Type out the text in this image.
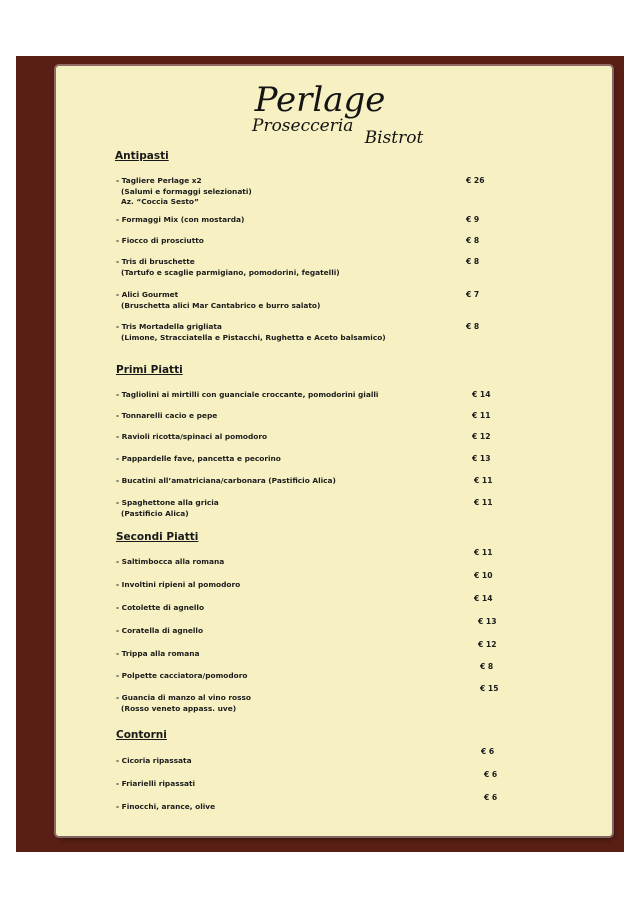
Perlage
Prosecceria
Bistrot
Antipasti
- Tagliere Perlage x2
(Salumi e formaggi selezionati)
Az. “Coccia Sesto”
€ 26
- Formaggi Mix (con mostarda)	€ 9
- Fiocco di prosciutto	€ 8
- Tris di bruschette
(Tartufo e scaglie parmigiano, pomodorini, fegatelli)
€ 8
- Alici Gourmet
(Bruschetta alici Mar Cantabrico e burro salato)
€ 7
- Tris Mortadella grigliata
(Limone, Stracciatella e Pistacchi, Rughetta e Aceto balsamico)
€ 8
Primi Piatti
- Tagliolini ai mirtilli con guanciale croccante, pomodorini gialli	€ 14
- Tonnarelli cacio e pepe	€ 11
- Ravioli ricotta/spinaci al pomodoro	€ 12
- Pappardelle fave, pancetta e pecorino	€ 13
- Bucatini all’amatriciana/carbonara (Pastificio Alica)	€ 11
- Spaghettone alla gricia
(Pastificio Alica)
€ 11
Secondi Piatti
- Saltimbocca alla romana
€ 11
- Involtini ripieni al pomodoro
€ 10
- Cotolette di agnello
€ 14
- Coratella di agnello
€ 13
- Trippa alla romana
€ 12
- Polpette cacciatora/pomodoro
€ 8
- Guancia di manzo al vino rosso
(Rosso veneto appass. uve)
€ 15
Contorni
- Cicoria ripassata
€ 6
- Friarielli ripassati
€ 6
- Finocchi, arance, olive
€ 6
